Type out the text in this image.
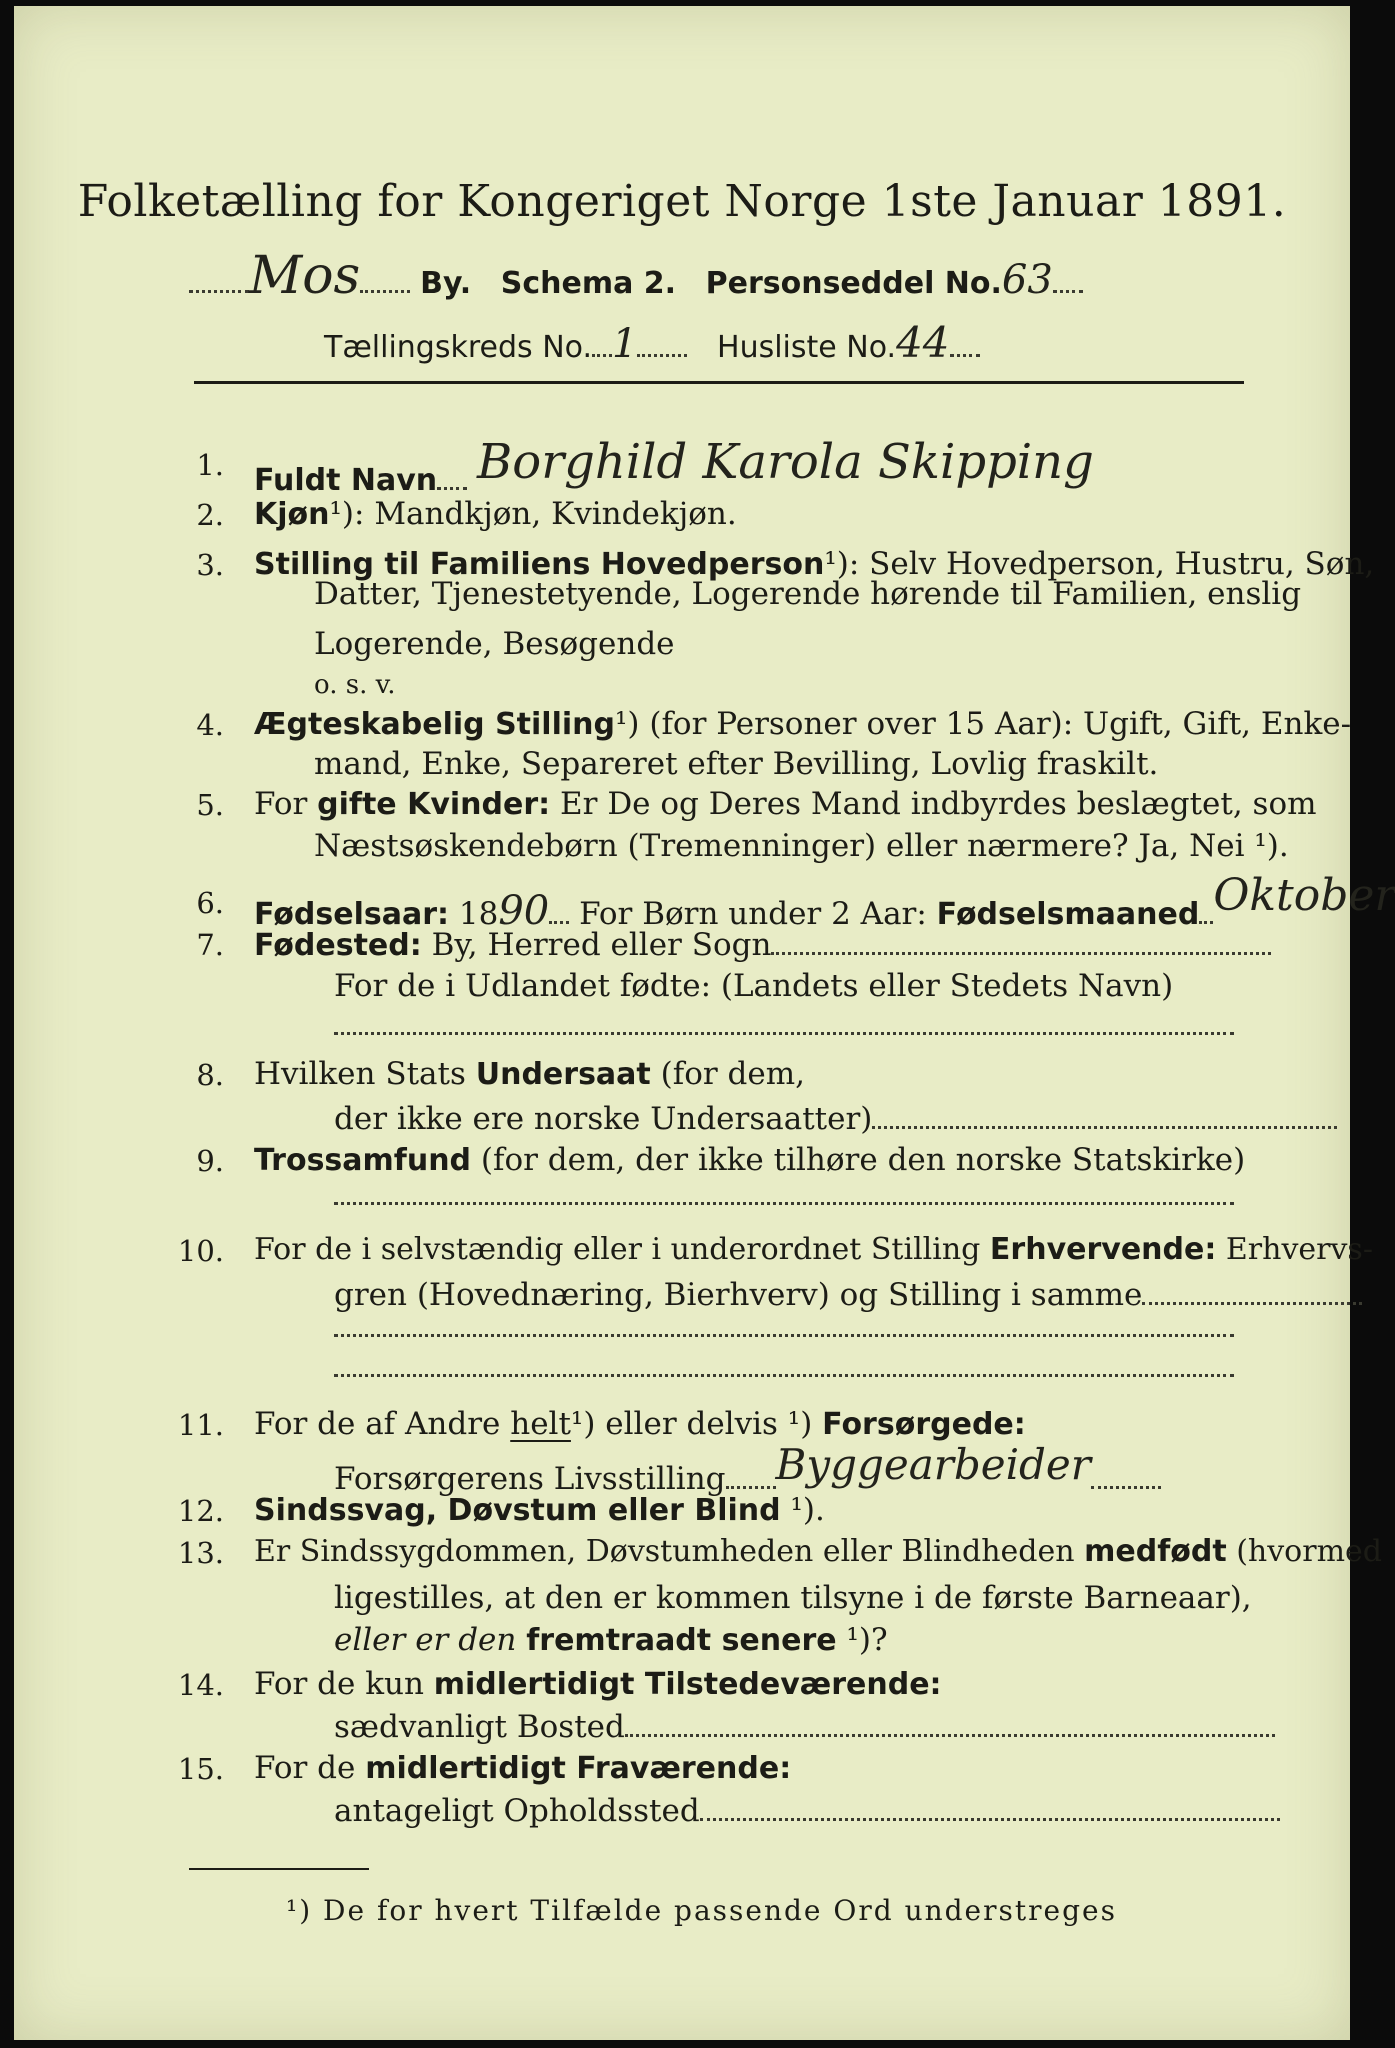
Folketælling for Kongeriget Norge 1ste Januar 1891.
Mos By. Schema 2. Personseddel No.63
Tællingskreds No. 1	Husliste No.44
1. Fuldt Navn Borghild Karola Skipping
2. Kjøn¹): Mandkjøn, Kvindekjøn.
3. Stilling til Familiens Hovedperson¹): Selv Hovedperson, Hustru, Søn,
Datter, Tjenestetyende, Logerende hørende til Familien, enslig
Logerende, Besøgende
o. s. v.
4. Ægteskabelig Stilling¹) (for Personer over 15 Aar): Ugift, Gift, Enke-
mand, Enke, Separeret efter Bevilling, Lovlig fraskilt.
5. For gifte Kvinder: Er De og Deres Mand indbyrdes beslægtet, som
Næstsøskendebørn (Tremenninger) eller nærmere? Ja, Nei ¹).
6. Fødselsaar: 1890 For Børn under 2 Aar: Fødselsmaaned Oktober
7. Fødested: By, Herred eller Sogn
For de i Udlandet fødte: (Landets eller Stedets Navn)
8. Hvilken Stats Undersaat (for dem,
der ikke ere norske Undersaatter)
9. Trossamfund (for dem, der ikke tilhøre den norske Statskirke)
10. For de i selvstændig eller i underordnet Stilling Erhvervende: Erhvervs-
gren (Hovednæring, Bierhverv) og Stilling i samme
11. For de af Andre helt¹) eller delvis ¹) Forsørgede:
Forsørgerens Livsstilling Byggearbeider
12. Sindssvag, Døvstum eller Blind ¹).
13. Er Sindssygdommen, Døvstumheden eller Blindheden medfødt (hvormed
ligestilles, at den er kommen tilsyne i de første Barneaar),
eller er den fremtraadt senere ¹)?
14. For de kun midlertidigt Tilstedeværende:
sædvanligt Bosted
15. For de midlertidigt Fraværende:
antageligt Opholdssted
¹) De for hvert Tilfælde passende Ord understreges
